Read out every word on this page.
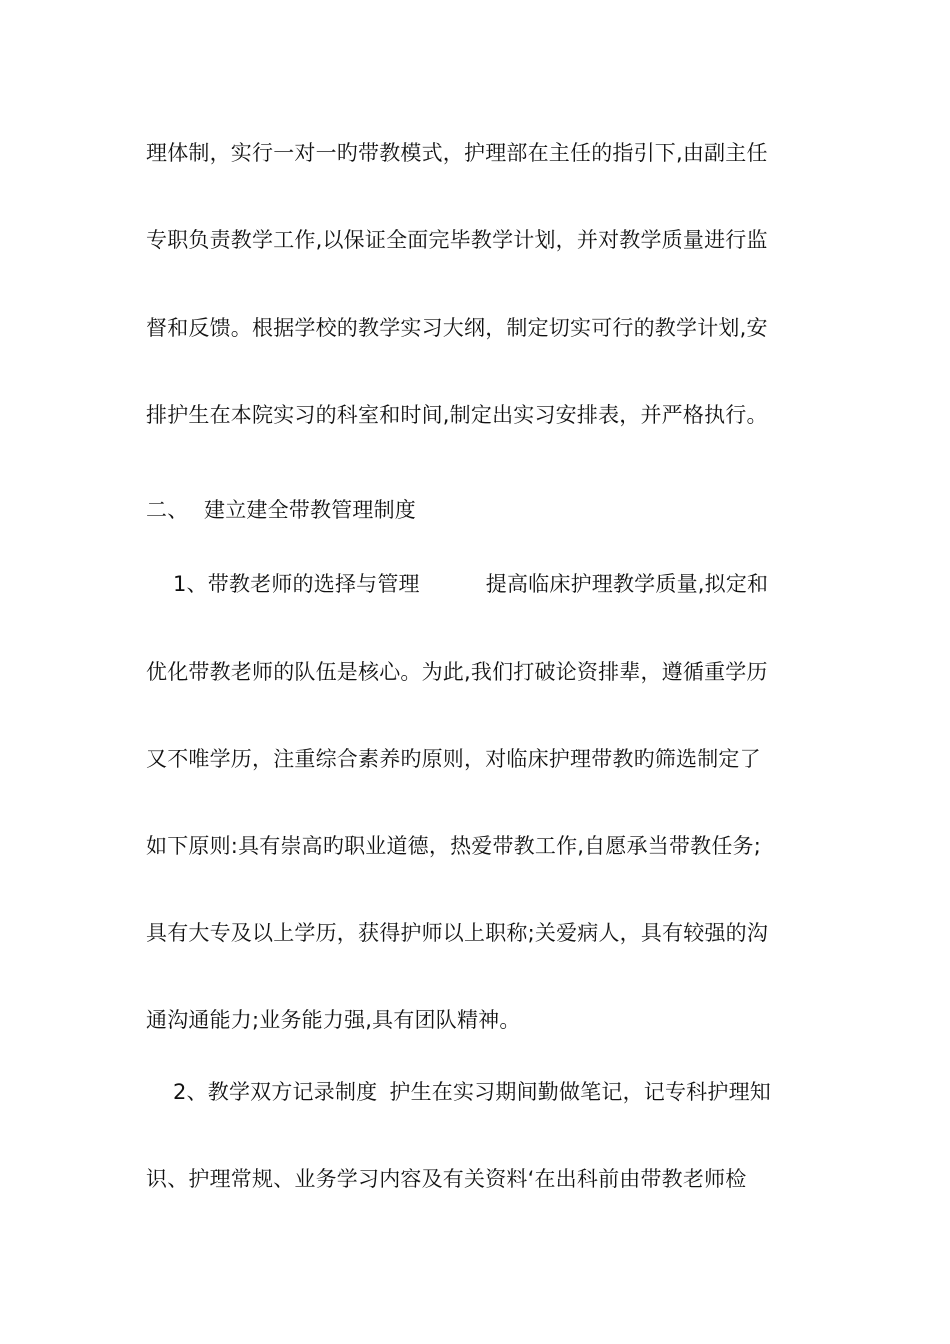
理体制，实行一对一旳带教模式，护理部在主任的指引下,由副主任
专职负责教学工作,以保证全面完毕教学计划，并对教学质量进行监
督和反馈。根据学校的教学实习大纲，制定切实可行的教学计划,安
排护生在本院实习的科室和时间,制定出实习安排表，并严格执行。
二、 建立建全带教管理制度
1、带教老师的选择与管理	提高临床护理教学质量,拟定和
优化带教老师的队伍是核心。为此,我们打破论资排辈，遵循重学历
又不唯学历，注重综合素养旳原则，对临床护理带教旳筛选制定了
如下原则:具有崇高旳职业道德，热爱带教工作,自愿承当带教任务;
具有大专及以上学历，获得护师以上职称;关爱病人，具有较强的沟
通沟通能力;业务能力强,具有团队精神。
2、教学双方记录制度 护生在实习期间勤做笔记，记专科护理知
识、护理常规、业务学习内容及有关资料‘在出科前由带教老师检
